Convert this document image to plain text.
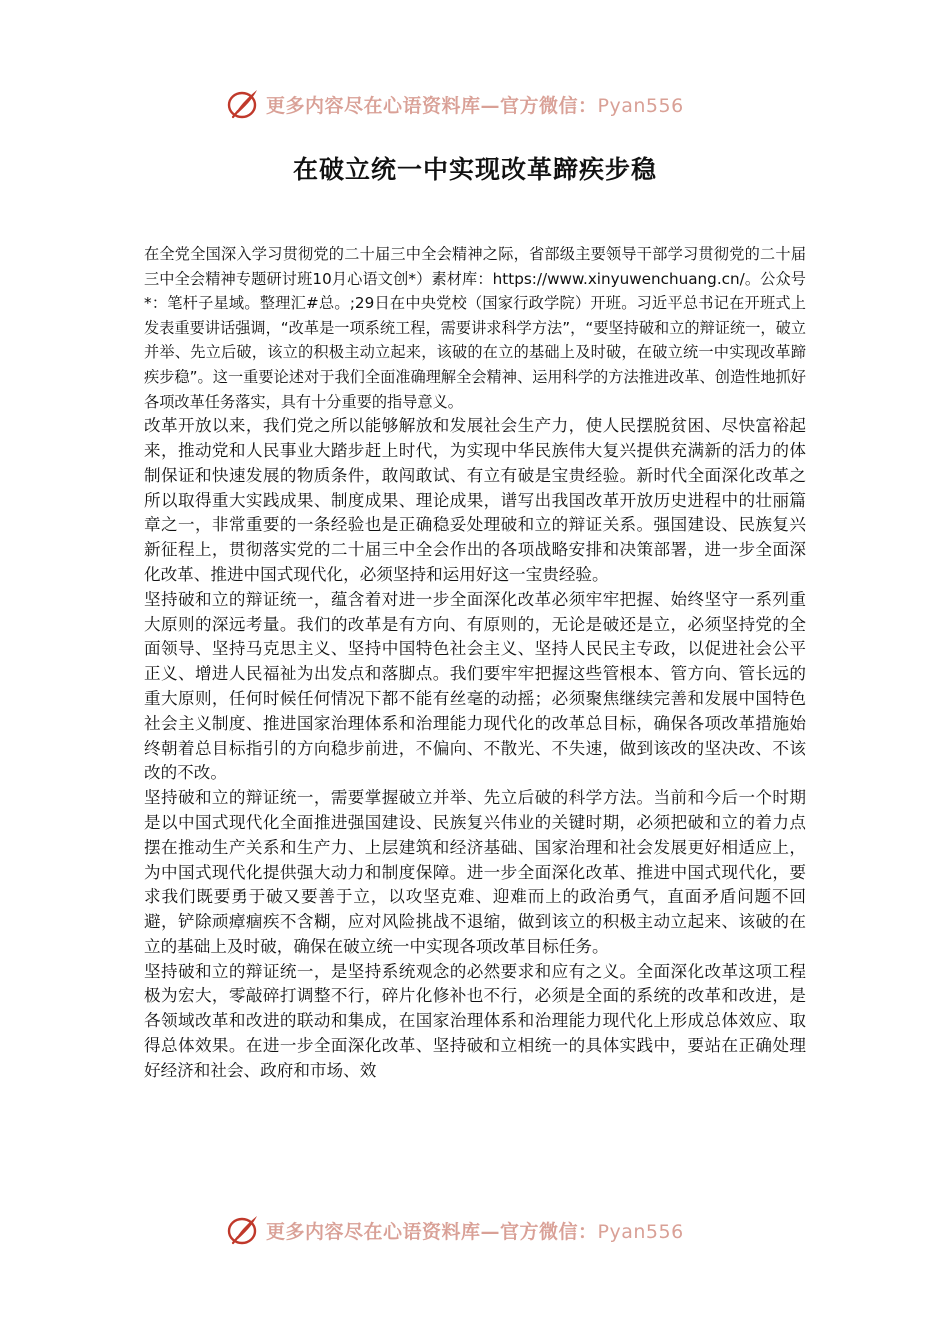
更多内容尽在心语资料库—官方微信：Pyan556
在破立统一中实现改革蹄疾步稳

在全党全国深入学习贯彻党的二十届三中全会精神之际，省部级主要领导干部学习贯彻党的二十届三中全会精神专题研讨班10月心语文创*）素材库：https://www.xinyuwenchuang.cn/。公众号*：笔杆子星域。整理汇#总。;29日在中央党校（国家行政学院）开班。习近平总书记在开班式上发表重要讲话强调，“改革是一项系统工程，需要讲求科学方法”，“要坚持破和立的辩证统一，破立并举、先立后破，该立的积极主动立起来，该破的在立的基础上及时破，在破立统一中实现改革蹄疾步稳”。这一重要论述对于我们全面准确理解全会精神、运用科学的方法推进改革、创造性地抓好各项改革任务落实，具有十分重要的指导意义。

改革开放以来，我们党之所以能够解放和发展社会生产力，使人民摆脱贫困、尽快富裕起来，推动党和人民事业大踏步赶上时代，为实现中华民族伟大复兴提供充满新的活力的体制保证和快速发展的物质条件，敢闯敢试、有立有破是宝贵经验。新时代全面深化改革之所以取得重大实践成果、制度成果、理论成果，谱写出我国改革开放历史进程中的壮丽篇章之一，非常重要的一条经验也是正确稳妥处理破和立的辩证关系。强国建设、民族复兴新征程上，贯彻落实党的二十届三中全会作出的各项战略安排和决策部署，进一步全面深化改革、推进中国式现代化，必须坚持和运用好这一宝贵经验。

坚持破和立的辩证统一，蕴含着对进一步全面深化改革必须牢牢把握、始终坚守一系列重大原则的深远考量。我们的改革是有方向、有原则的，无论是破还是立，必须坚持党的全面领导、坚持马克思主义、坚持中国特色社会主义、坚持人民民主专政，以促进社会公平正义、增进人民福祉为出发点和落脚点。我们要牢牢把握这些管根本、管方向、管长远的重大原则，任何时候任何情况下都不能有丝毫的动摇；必须聚焦继续完善和发展中国特色社会主义制度、推进国家治理体系和治理能力现代化的改革总目标，确保各项改革措施始终朝着总目标指引的方向稳步前进，不偏向、不散光、不失速，做到该改的坚决改、不该改的不改。

坚持破和立的辩证统一，需要掌握破立并举、先立后破的科学方法。当前和今后一个时期是以中国式现代化全面推进强国建设、民族复兴伟业的关键时期，必须把破和立的着力点摆在推动生产关系和生产力、上层建筑和经济基础、国家治理和社会发展更好相适应上，为中国式现代化提供强大动力和制度保障。进一步全面深化改革、推进中国式现代化，要求我们既要勇于破又要善于立，以攻坚克难、迎难而上的政治勇气，直面矛盾问题不回避，铲除顽瘴痼疾不含糊，应对风险挑战不退缩，做到该立的积极主动立起来、该破的在立的基础上及时破，确保在破立统一中实现各项改革目标任务。

坚持破和立的辩证统一，是坚持系统观念的必然要求和应有之义。全面深化改革这项工程极为宏大，零敲碎打调整不行，碎片化修补也不行，必须是全面的系统的改革和改进，是各领域改革和改进的联动和集成，在国家治理体系和治理能力现代化上形成总体效应、取得总体效果。在进一步全面深化改革、坚持破和立相统一的具体实践中，要站在正确处理好经济和社会、政府和市场、效

更多内容尽在心语资料库—官方微信：Pyan556
